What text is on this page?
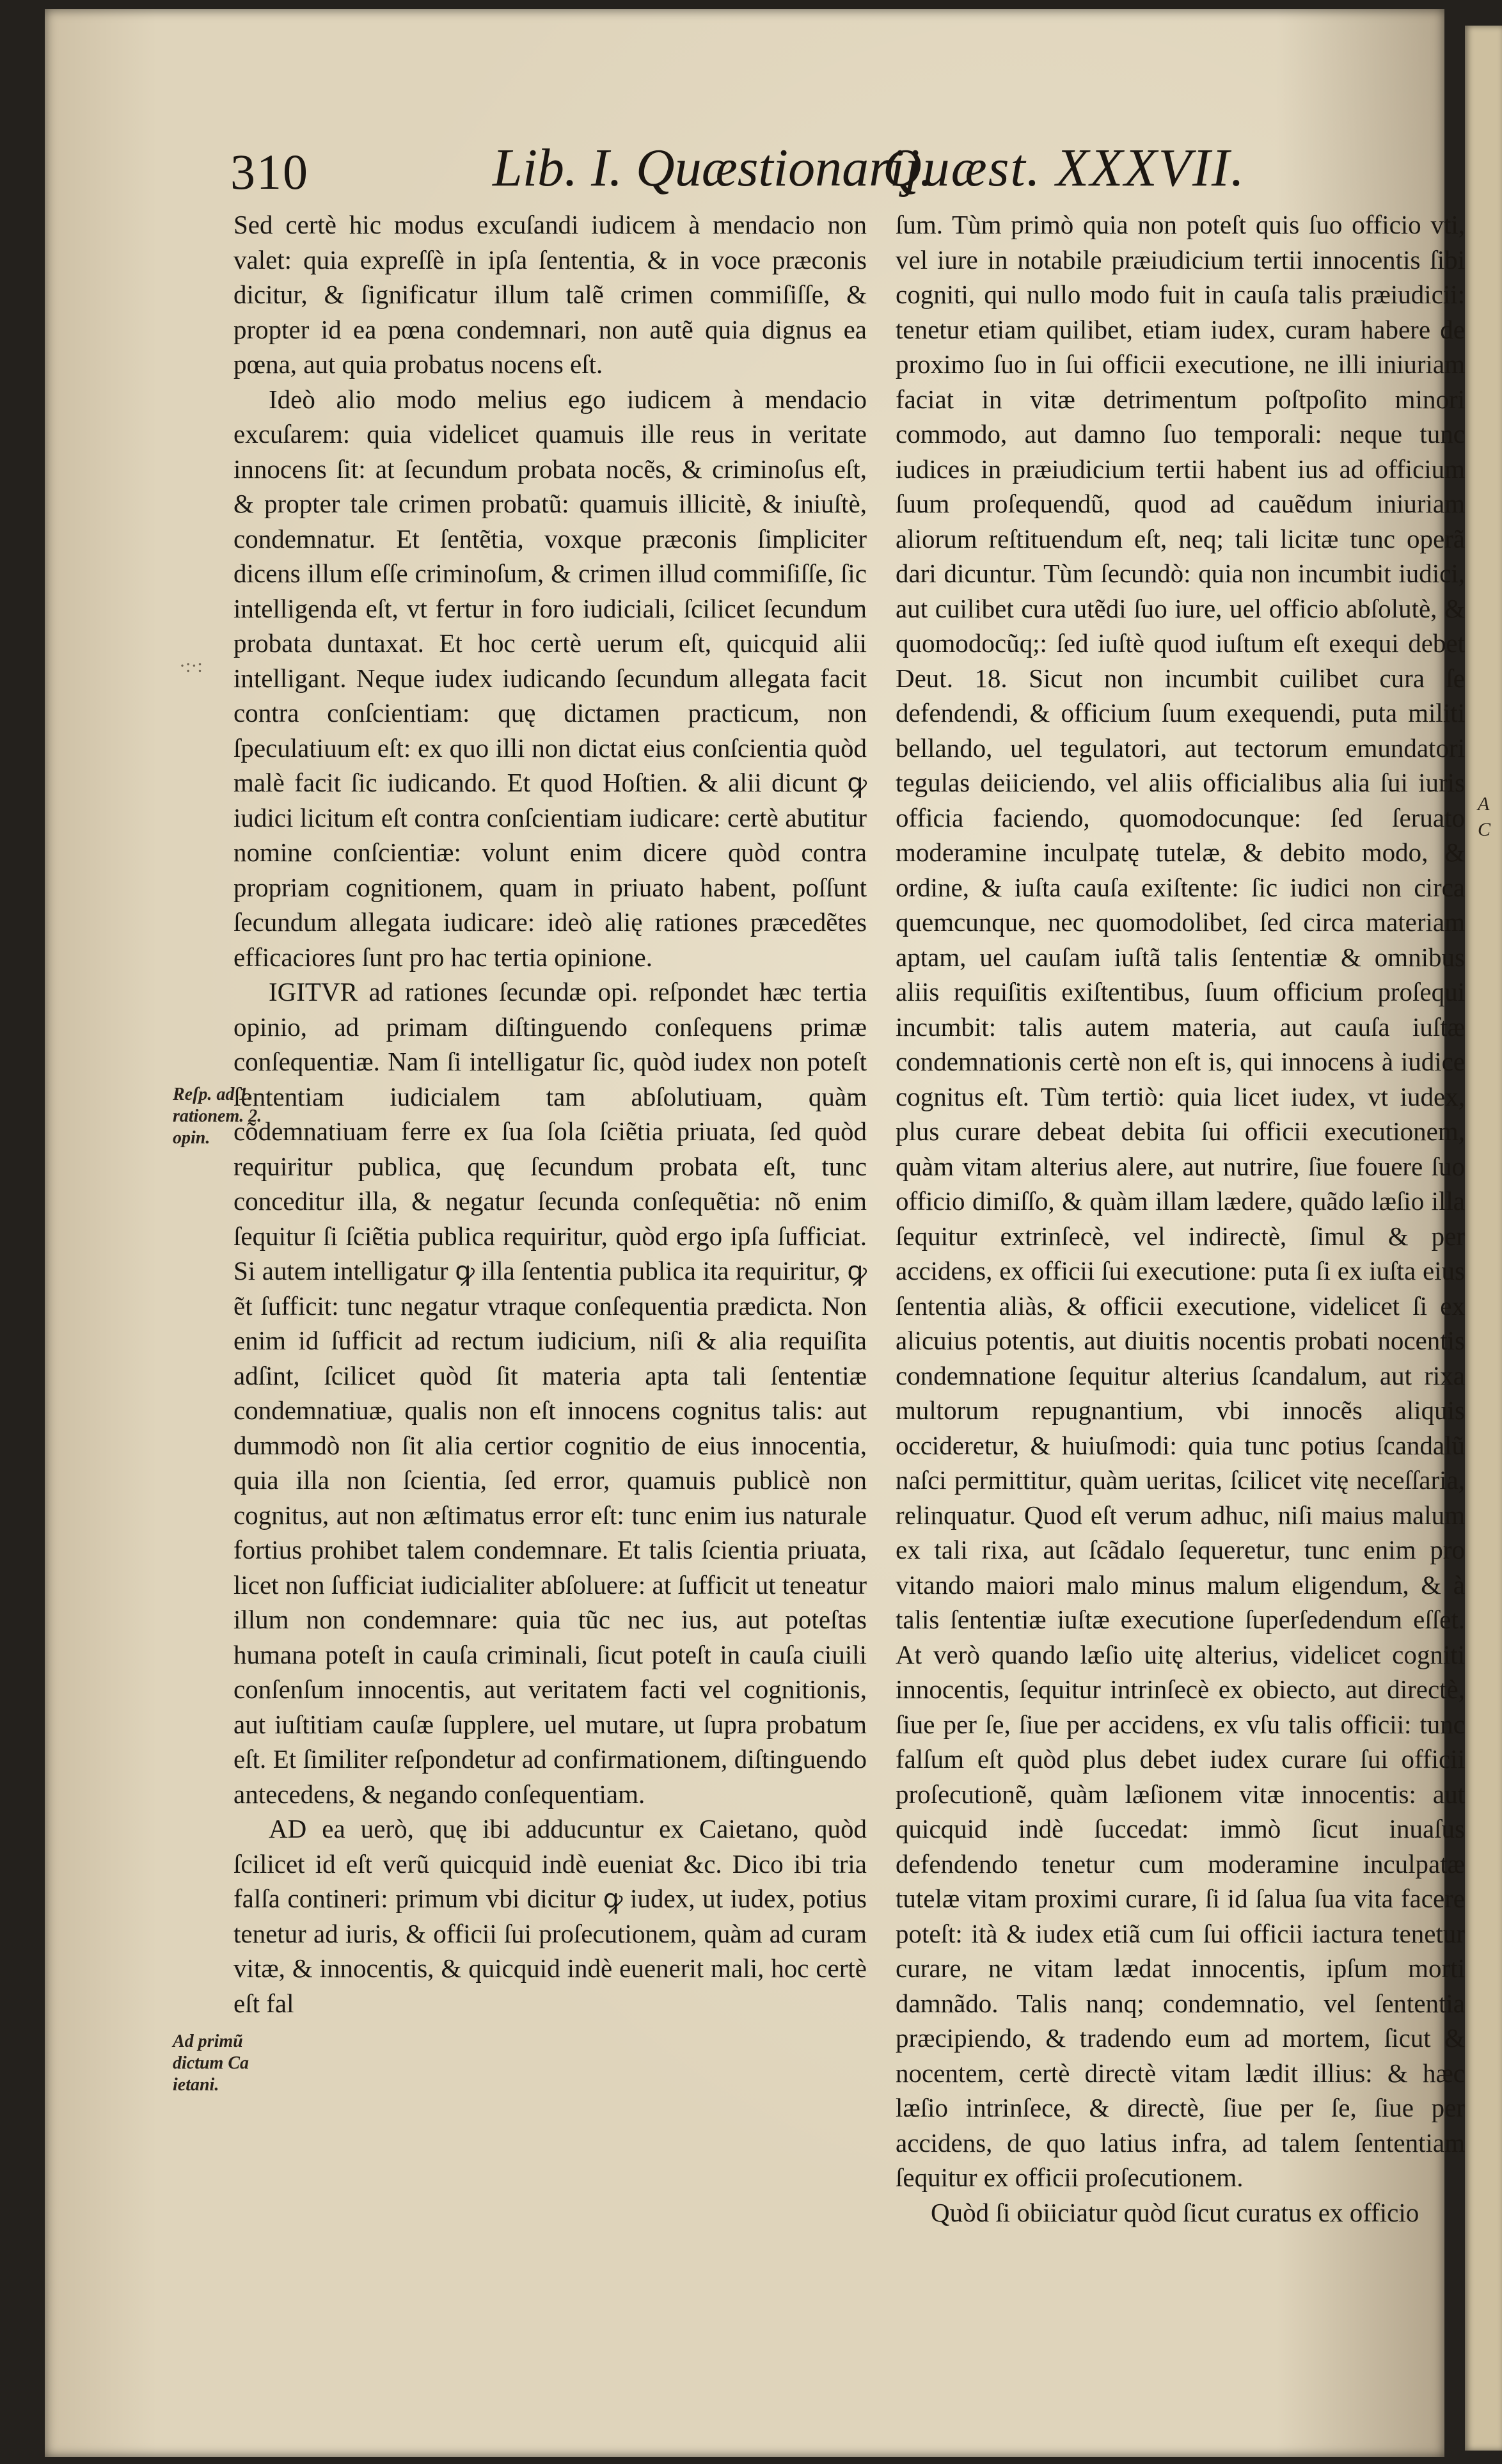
310	Lib. I. Quæstionarij.
Quæst. XXXVII.

Sed certè hic modus excuſandi iudicem à mendacio non valet: quia expreſſè in ipſa ſententia, & in voce præconis dicitur, & ſignificatur illum talẽ crimen commiſiſſe, & propter id ea pœna condemnari, non autẽ quia dignus ea pœna, aut quia probatus nocens eſt.

Ideò alio modo melius ego iudicem à mendacio excuſarem: quia videlicet quamuis ille reus in veritate innocens ſit: at ſecundum probata nocẽs, & criminoſus eſt, & propter tale crimen probatũ: quamuis illicitè, & iniuſtè, condemnatur. Et ſentẽtia, voxque præconis ſimpliciter dicens illum eſſe criminoſum, & crimen illud commiſiſſe, ſic intelligenda eſt, vt fertur in foro iudiciali, ſcilicet ſecundum probata duntaxat. Et hoc certè uerum eſt, quicquid alii intelligant. Neque iudex iudicando ſecundum allegata facit contra conſcientiam: quę dictamen practicum, non ſpeculatiuum eſt: ex quo illi non dictat eius conſcientia quòd malè facit ſic iudicando. Et quod Hoſtien. & alii dicunt ꝙ iudici licitum eſt contra conſcientiam iudicare: certè abutitur nomine conſcientiæ: volunt enim dicere quòd contra propriam cognitionem, quam in priuato habent, poſſunt ſecundum allegata iudicare: ideò alię rationes præcedẽtes efficaciores ſunt pro hac tertia opinione.

IGITVR ad rationes ſecundæ opi. reſpondet hæc tertia opinio, ad primam diſtinguendo conſequens primæ conſequentiæ. Nam ſi intelligatur ſic, quòd iudex non poteſt ſententiam iudicialem tam abſolutiuam, quàm cõdemnatiuam ferre ex ſua ſola ſciẽtia priuata, ſed quòd requiritur publica, quę ſecundum probata eſt, tunc conceditur illa, & negatur ſecunda conſequẽtia: nõ enim ſequitur ſi ſciẽtia publica requiritur, quòd ergo ipſa ſufficiat. Si autem intelligatur ꝙ illa ſententia publica ita requiritur, ꝙ ẽt ſufficit: tunc negatur vtraque conſequentia prædicta. Non enim id ſufficit ad rectum iudicium, niſi & alia requiſita adſint, ſcilicet quòd ſit materia apta tali ſententiæ condemnatiuæ, qualis non eſt innocens cognitus talis: aut dummodò non ſit alia certior cognitio de eius innocentia, quia illa non ſcientia, ſed error, quamuis publicè non cognitus, aut non æſtimatus error eſt: tunc enim ius naturale fortius prohibet talem condemnare. Et talis ſcientia priuata, licet non ſufficiat iudicialiter abſoluere: at ſufficit ut teneatur illum non condemnare: quia tũc nec ius, aut poteſtas humana poteſt in cauſa criminali, ſicut poteſt in cauſa ciuili conſenſum innocentis, aut veritatem facti vel cognitionis, aut iuſtitiam cauſæ ſupplere, uel mutare, ut ſupra probatum eſt. Et ſimiliter reſpondetur ad confirmationem, diſtinguendo antecedens, & negando conſequentiam.

AD ea uerò, quę ibi adducuntur ex Caietano, quòd ſcilicet id eſt verũ quicquid indè eueniat &c. Dico ibi tria falſa contineri: primum vbi dicitur ꝙ iudex, ut iudex, potius tenetur ad iuris, & officii ſui proſecutionem, quàm ad curam vitæ, & innocentis, & quicquid indè euenerit mali, hoc certè eſt fal

ſum. Tùm primò quia non poteſt quis ſuo officio vti, vel iure in notabile præiudicium tertii innocentis ſibi cogniti, qui nullo modo fuit in cauſa talis præiudicii: tenetur etiam quilibet, etiam iudex, curam habere de proximo ſuo in ſui officii executione, ne illi iniuriam faciat in vitæ detrimentum poſtpoſito minori commodo, aut damno ſuo temporali: neque tunc iudices in præiudicium tertii habent ius ad officium ſuum proſequendũ, quod ad cauẽdum iniuriam aliorum reſtituendum eſt, neq; tali licitæ tunc operã dari dicuntur. Tùm ſecundò: quia non incumbit iudici, aut cuilibet cura utẽdi ſuo iure, uel officio abſolutè, & quomodocũq;: ſed iuſtè quod iuſtum eſt exequi debet Deut. 18. Sicut non incumbit cuilibet cura ſe defendendi, & officium ſuum exequendi, puta militi bellando, uel tegulatori, aut tectorum emundatori tegulas deiiciendo, vel aliis officialibus alia ſui iuris officia faciendo, quomodocunque: ſed ſeruato moderamine inculpatę tutelæ, & debito modo, & ordine, & iuſta cauſa exiſtente: ſic iudici non circa quemcunque, nec quomodolibet, ſed circa materiam aptam, uel cauſam iuſtã talis ſententiæ & omnibus aliis requiſitis exiſtentibus, ſuum officium proſequi incumbit: talis autem materia, aut cauſa iuſtæ condemnationis certè non eſt is, qui innocens à iudice cognitus eſt. Tùm tertiò: quia licet iudex, vt iudex, plus curare debeat debita ſui officii executionem, quàm vitam alterius alere, aut nutrire, ſiue fouere ſuo officio dimiſſo, & quàm illam lædere, quãdo læſio illa ſequitur extrinſecè, vel indirectè, ſimul & per accidens, ex officii ſui executione: puta ſi ex iuſta eius ſententia aliàs, & officii executione, videlicet ſi ex alicuius potentis, aut diuitis nocentis probati nocentis condemnatione ſequitur alterius ſcandalum, aut rixa multorum repugnantium, vbi innocẽs aliquis occideretur, & huiuſmodi: quia tunc potius ſcandalũ naſci permittitur, quàm ueritas, ſcilicet vitę neceſſaria, relinquatur. Quod eſt verum adhuc, niſi maius malum ex tali rixa, aut ſcãdalo ſequeretur, tunc enim pro vitando maiori malo minus malum eligendum, & à talis ſententiæ iuſtæ executione ſuperſedendum eſſet. At verò quando læſio uitę alterius, videlicet cogniti innocentis, ſequitur intrinſecè ex obiecto, aut directè, ſiue per ſe, ſiue per accidens, ex vſu talis officii: tunc falſum eſt quòd plus debet iudex curare ſui officii proſecutionẽ, quàm læſionem vitæ innocentis: aut quicquid indè ſuccedat: immò ſicut inuaſus defendendo tenetur cum moderamine inculpatæ tutelæ vitam proximi curare, ſi id ſalua ſua vita facere poteſt: ità & iudex etiã cum ſui officii iactura tenetur curare, ne vitam lædat innocentis, ipſum morti damnãdo. Talis nanq; condemnatio, vel ſententia præcipiendo, & tradendo eum ad mortem, ſicut & nocentem, certè directè vitam lædit illius: & hæc læſio intrinſece, & directè, ſiue per ſe, ſiue per accidens, de quo latius infra, ad talem ſententiam ſequitur ex officii proſecutionem.

Quòd ſi obiiciatur quòd ſicut curatus ex officio

·:·:
Reſp. ad 1.
rationem. 2.
opin.
Ad primũ
dictum Ca
ietani.
A
C
